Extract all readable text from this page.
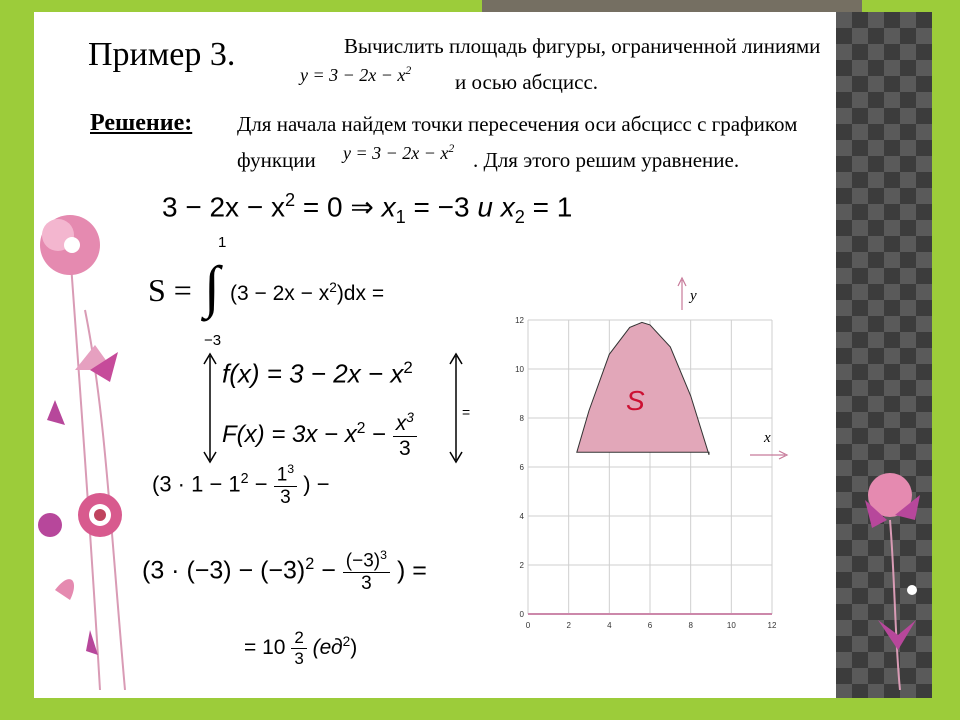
Пример 3.	Вычислить площадь фигуры, ограниченной линиями
$y = 3 - 2x - x^2$ и осью абсцисс.
Решение: Для начала найдем точки пересечения оси абсцисс с графиком
функции $y = 3 - 2x - x^2$ . Для этого решим уравнение.
$3 - 2x - x^2 = 0$ ⇒ $x_1 = -3$ и $x_2 = 1$
S = ∫
1
−3
$(3 - 2x - x^2)dx$ =
$f(x) = 3 - 2x - x^2$
$F(x) = 3x - x^2 - \frac{x^3}{3}$	=
($3 \cdot 1 - 1^2 - \frac{1^3}{3}$ ) −
($3 \cdot (-3) - (-3)^2 - \frac{(-3)^3}{3}$ ) =
= $10 \frac{2}{3} (ед^2)$
0	2	4	6	8	10	12
0
2
4
6
8
10
12
y
x
S
